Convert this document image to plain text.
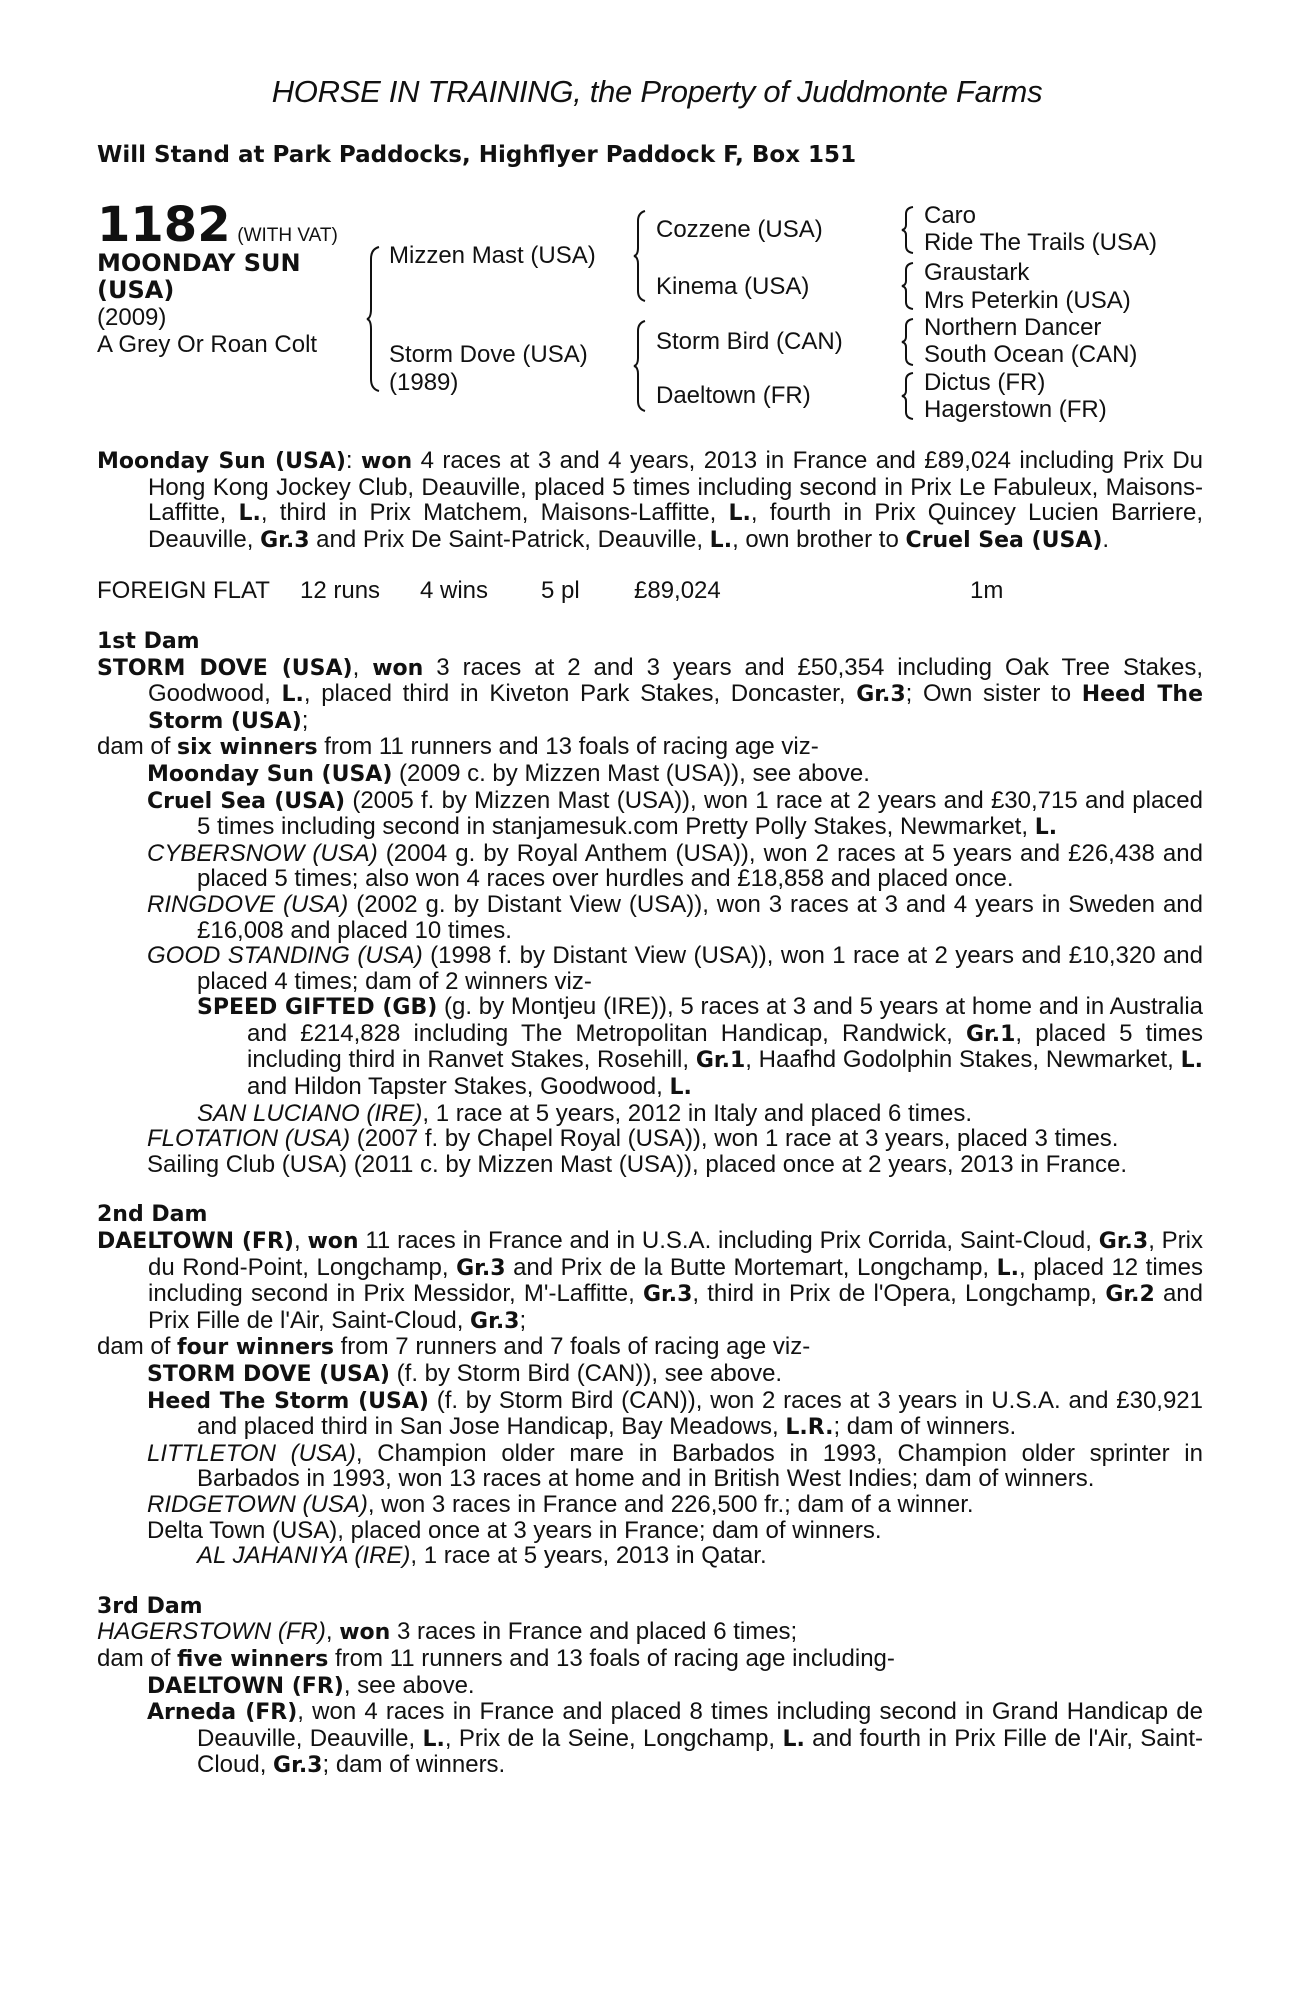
HORSE IN TRAINING, the Property of Juddmonte Farms
Will Stand at Park Paddocks, Highflyer Paddock F, Box 151
1182 (WITH VAT)
MOONDAY SUN
(USA)
(2009)
A Grey Or Roan Colt
Mizzen Mast (USA)
Storm Dove (USA)
(1989)
Cozzene (USA)
Kinema (USA)
Storm Bird (CAN)
Daeltown (FR)
Caro
Ride The Trails (USA)
Graustark
Mrs Peterkin (USA)
Northern Dancer
South Ocean (CAN)
Dictus (FR)
Hagerstown (FR)

Moonday Sun (USA): won 4 races at 3 and 4 years, 2013 in France and £89,024 including Prix Du Hong Kong Jockey Club, Deauville, placed 5 times including second in Prix Le Fabuleux, Maisons-Laffitte, L., third in Prix Matchem, Maisons-Laffitte, L., fourth in Prix Quincey Lucien Barriere, Deauville, Gr.3 and Prix De Saint-Patrick, Deauville, L., own brother to Cruel Sea (USA).

FOREIGN FLAT	12 runs	4 wins	5 pl	£89,024	1m
1st Dam

STORM DOVE (USA), won 3 races at 2 and 3 years and £50,354 including Oak Tree Stakes, Goodwood, L., placed third in Kiveton Park Stakes, Doncaster, Gr.3; Own sister to Heed The Storm (USA);

dam of six winners from 11 runners and 13 foals of racing age viz-

Moonday Sun (USA) (2009 c. by Mizzen Mast (USA)), see above.

Cruel Sea (USA) (2005 f. by Mizzen Mast (USA)), won 1 race at 2 years and £30,715 and placed 5 times including second in stanjamesuk.com Pretty Polly Stakes, Newmarket, L.

CYBERSNOW (USA) (2004 g. by Royal Anthem (USA)), won 2 races at 5 years and £26,438 and placed 5 times; also won 4 races over hurdles and £18,858 and placed once.

RINGDOVE (USA) (2002 g. by Distant View (USA)), won 3 races at 3 and 4 years in Sweden and £16,008 and placed 10 times.

GOOD STANDING (USA) (1998 f. by Distant View (USA)), won 1 race at 2 years and £10,320 and placed 4 times; dam of 2 winners viz-

SPEED GIFTED (GB) (g. by Montjeu (IRE)), 5 races at 3 and 5 years at home and in Australia and £214,828 including The Metropolitan Handicap, Randwick, Gr.1, placed 5 times including third in Ranvet Stakes, Rosehill, Gr.1, Haafhd Godolphin Stakes, Newmarket, L. and Hildon Tapster Stakes, Goodwood, L.

SAN LUCIANO (IRE), 1 race at 5 years, 2012 in Italy and placed 6 times.

FLOTATION (USA) (2007 f. by Chapel Royal (USA)), won 1 race at 3 years, placed 3 times.

Sailing Club (USA) (2011 c. by Mizzen Mast (USA)), placed once at 2 years, 2013 in France.

2nd Dam

DAELTOWN (FR), won 11 races in France and in U.S.A. including Prix Corrida, Saint-Cloud, Gr.3, Prix du Rond-Point, Longchamp, Gr.3 and Prix de la Butte Mortemart, Longchamp, L., placed 12 times including second in Prix Messidor, M'-Laffitte, Gr.3, third in Prix de l'Opera, Longchamp, Gr.2 and Prix Fille de l'Air, Saint-Cloud, Gr.3;

dam of four winners from 7 runners and 7 foals of racing age viz-

STORM DOVE (USA) (f. by Storm Bird (CAN)), see above.

Heed The Storm (USA) (f. by Storm Bird (CAN)), won 2 races at 3 years in U.S.A. and £30,921 and placed third in San Jose Handicap, Bay Meadows, L.R.; dam of winners.

LITTLETON (USA), Champion older mare in Barbados in 1993, Champion older sprinter in Barbados in 1993, won 13 races at home and in British West Indies; dam of winners.

RIDGETOWN (USA), won 3 races in France and 226,500 fr.; dam of a winner.

Delta Town (USA), placed once at 3 years in France; dam of winners.

AL JAHANIYA (IRE), 1 race at 5 years, 2013 in Qatar.

3rd Dam

HAGERSTOWN (FR), won 3 races in France and placed 6 times;

dam of five winners from 11 runners and 13 foals of racing age including-

DAELTOWN (FR), see above.

Arneda (FR), won 4 races in France and placed 8 times including second in Grand Handicap de Deauville, Deauville, L., Prix de la Seine, Longchamp, L. and fourth in Prix Fille de l'Air, Saint-Cloud, Gr.3; dam of winners.
